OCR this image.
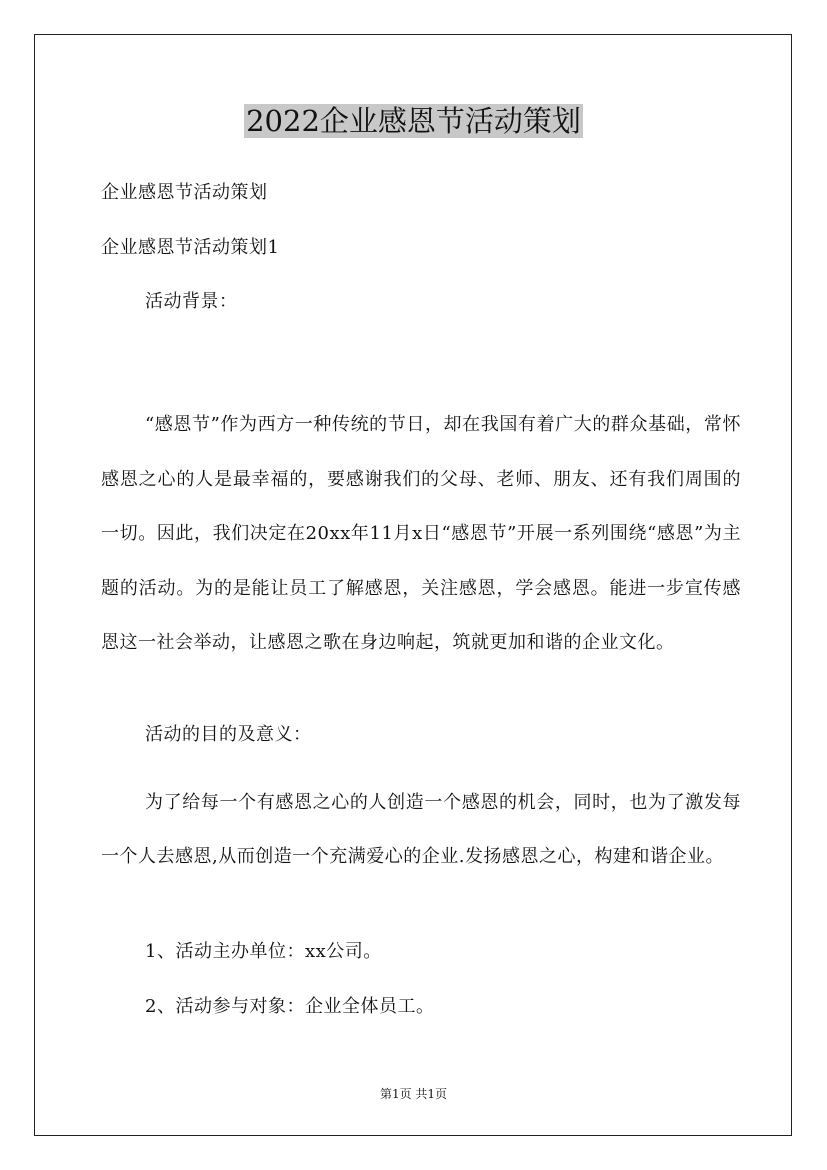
2022企业感恩节活动策划

企业感恩节活动策划

企业感恩节活动策划1

活动背景：

“感恩节”作为西方一种传统的节日，却在我国有着广大的群众基础，常怀感恩之心的人是最幸福的，要感谢我们的父母、老师、朋友、还有我们周围的一切。因此，我们决定在20xx年11月x日“感恩节”开展一系列围绕“感恩”为主题的活动。为的是能让员工了解感恩，关注感恩，学会感恩。能进一步宣传感恩这一社会举动，让感恩之歌在身边响起，筑就更加和谐的企业文化。

活动的目的及意义：

为了给每一个有感恩之心的人创造一个感恩的机会，同时，也为了激发每一个人去感恩,从而创造一个充满爱心的企业.发扬感恩之心，构建和谐企业。

1、活动主办单位：xx公司。

2、活动参与对象：企业全体员工。

第1页 共1页
